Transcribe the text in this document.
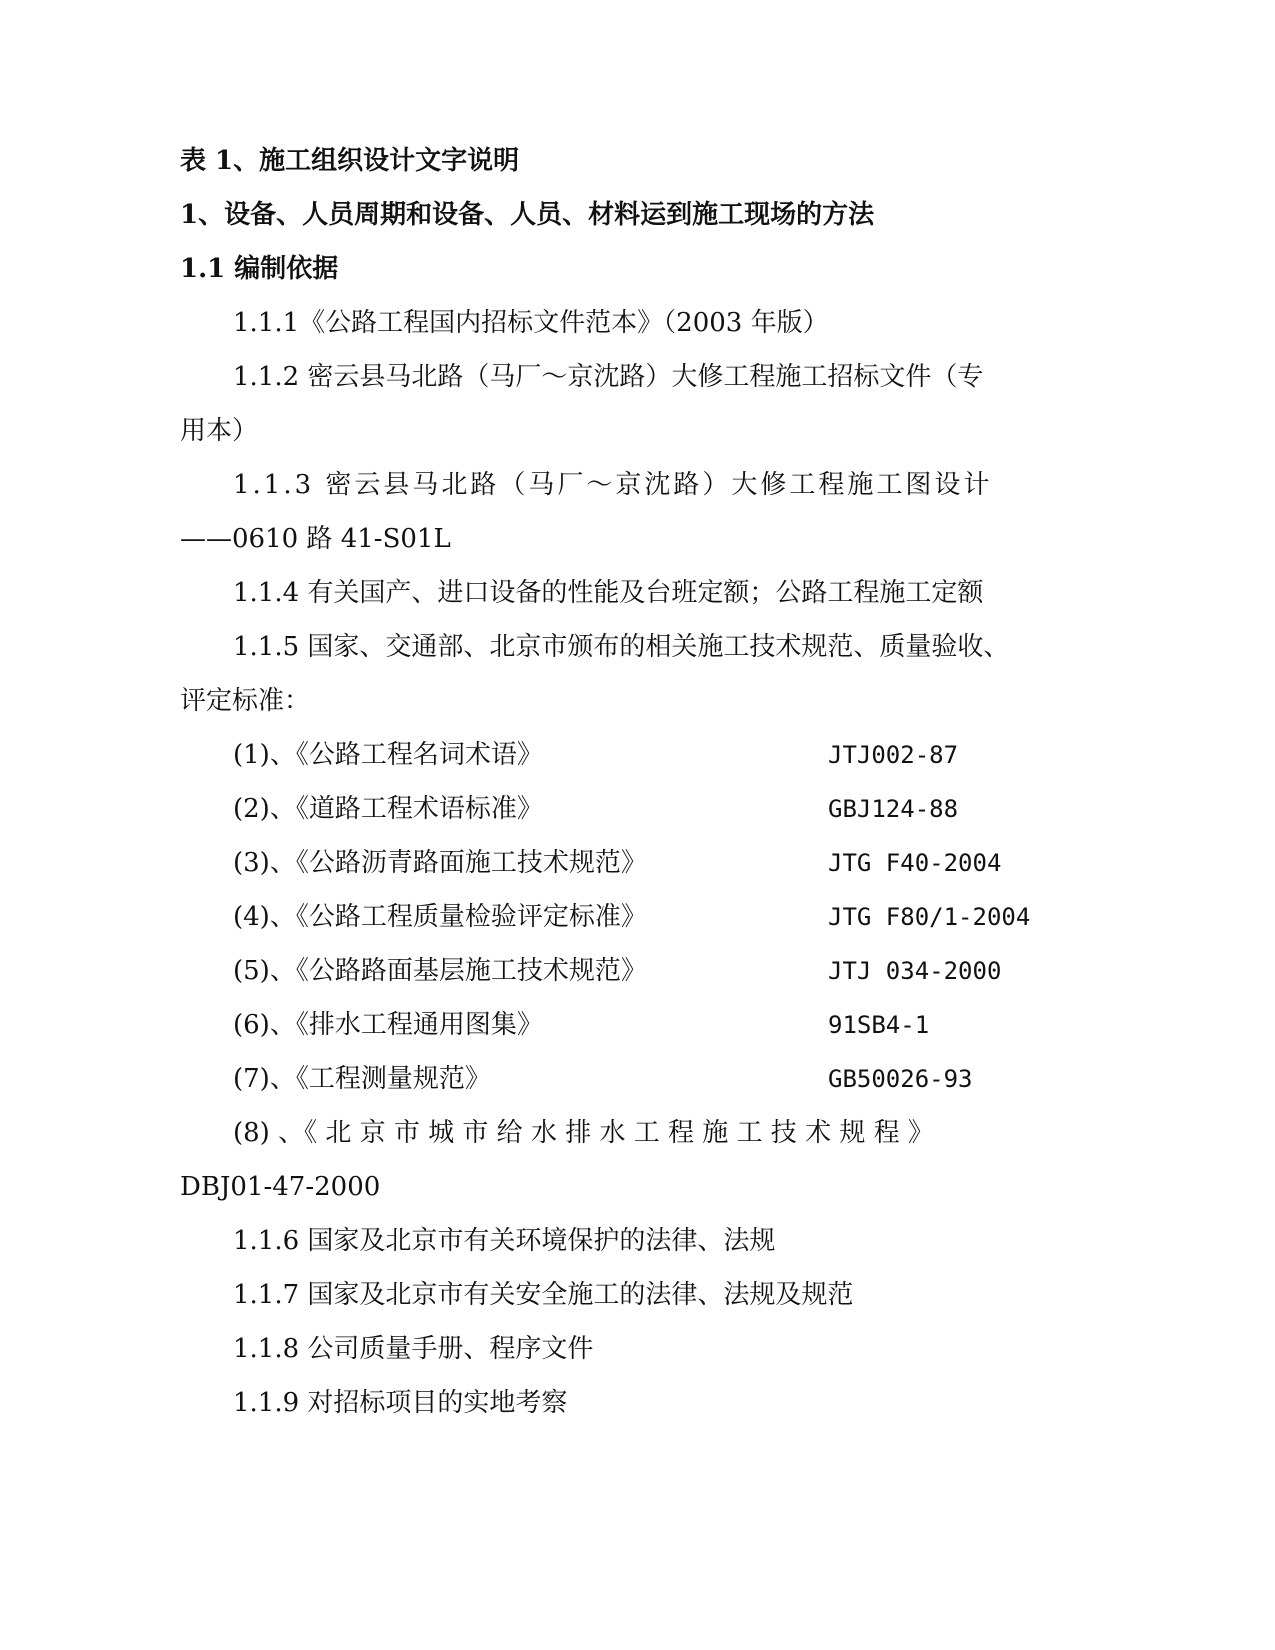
表 1、施工组织设计文字说明
1、设备、人员周期和设备、人员、材料运到施工现场的方法
1.1 编制依据
1.1.1《公路工程国内招标文件范本》（2003 年版）
1.1.2 密云县马北路（马厂～京沈路）大修工程施工招标文件（专
用本）
1.1.3 密云县马北路（马厂～京沈路）大修工程施工图设计
——0610 路 41-S01L
1.1.4 有关国产、进口设备的性能及台班定额；公路工程施工定额
1.1.5 国家、交通部、北京市颁布的相关施工技术规范、质量验收、
评定标准：
(1)、《公路工程名词术语》	JTJ002-87
(2)、《道路工程术语标准》	GBJ124-88
(3)、《公路沥青路面施工技术规范》	JTG F40-2004
(4)、《公路工程质量检验评定标准》	JTG F80/1-2004
(5)、《公路路面基层施工技术规范》	JTJ 034-2000
(6)、《排水工程通用图集》	91SB4-1
(7)、《工程测量规范》	GB50026-93
(8) 、《 北 京 市 城 市 给 水 排 水 工 程 施 工 技 术 规 程 》
DBJ01-47-2000
1.1.6 国家及北京市有关环境保护的法律、法规
1.1.7 国家及北京市有关安全施工的法律、法规及规范
1.1.8 公司质量手册、程序文件
1.1.9 对招标项目的实地考察
